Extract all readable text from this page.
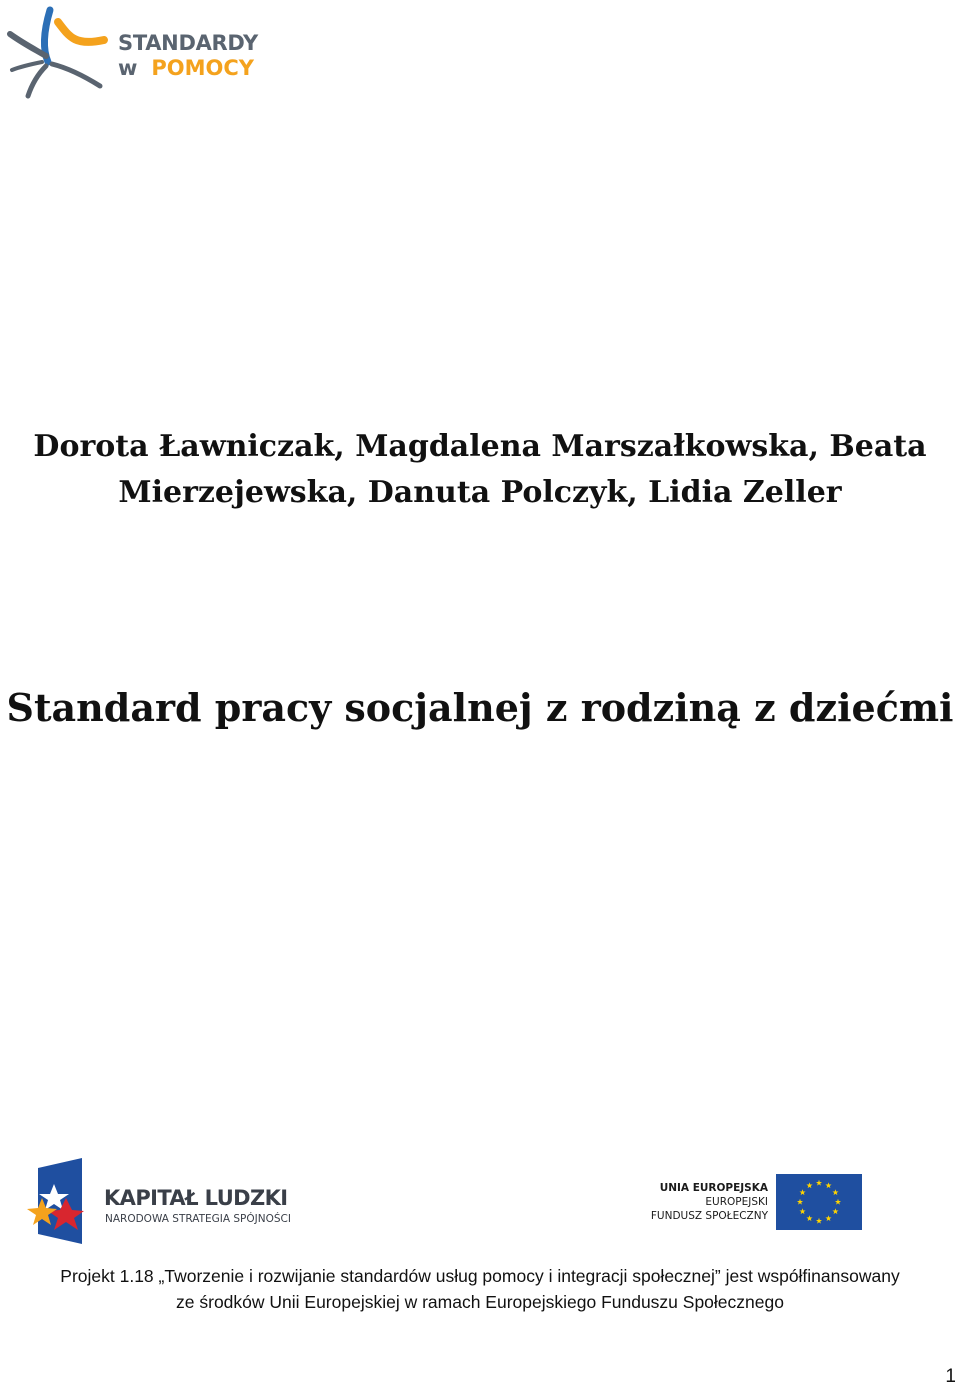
STANDARDY
w POMOCY
Dorota Ławniczak, Magdalena Marszałkowska, Beata
Mierzejewska, Danuta Polczyk, Lidia Zeller
Standard pracy socjalnej z rodziną z dziećmi
KAPITAŁ LUDZKI
NARODOWA STRATEGIA SPÓJNOŚCI
UNIA EUROPEJSKA
EUROPEJSKI
FUNDUSZ SPOŁECZNY
Projekt 1.18 „Tworzenie i rozwijanie standardów usług pomocy i integracji społecznej” jest współfinansowany
ze środków Unii Europejskiej w ramach Europejskiego Funduszu Społecznego
1
